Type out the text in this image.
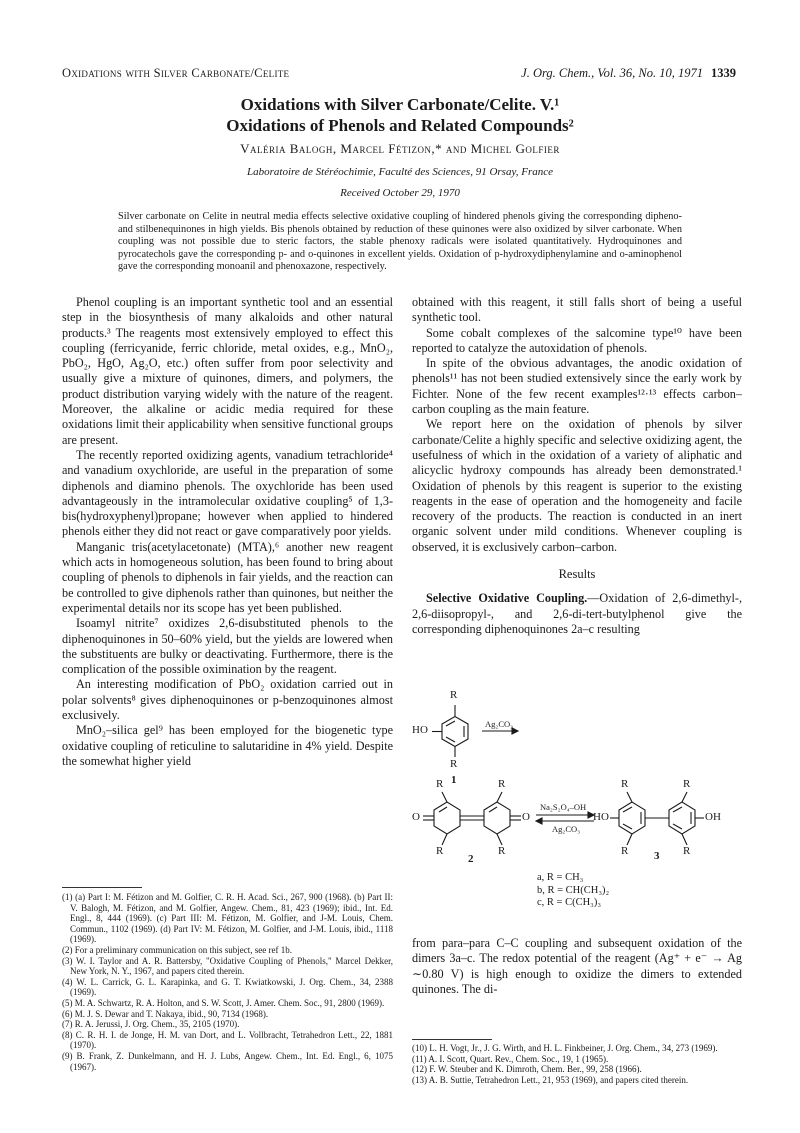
Oxidations with Silver Carbonate/Celite	J. Org. Chem., Vol. 36, No. 10, 1971 1339
Oxidations with Silver Carbonate/Celite. V.¹
Oxidations of Phenols and Related Compounds²
Valéria Balogh, Marcel Fétizon,* and Michel Golfier
Laboratoire de Stéréochimie, Faculté des Sciences, 91 Orsay, France
Received October 29, 1970
Silver carbonate on Celite in neutral media effects selective oxidative coupling of hindered phenols giving the corresponding dipheno- and stilbenequinones in high yields. Bis phenols obtained by reduction of these quinones were also oxidized by silver carbonate. When coupling was not possible due to steric factors, the stable phenoxy radicals were isolated quantitatively. Hydroquinones and pyrocatechols gave the corresponding p- and o-quinones in excellent yields. Oxidation of p-hydroxydiphenylamine and o-aminophenol gave the corresponding monoanil and phenoxazone, respectively.

Phenol coupling is an important synthetic tool and an essential step in the biosynthesis of many alkaloids and other natural products.³ The reagents most extensively employed to effect this coupling (ferricyanide, ferric chloride, metal oxides, e.g., MnO₂, PbO₂, HgO, Ag₂O, etc.) often suffer from poor selectivity and usually give a mixture of quinones, dimers, and polymers, the product distribution varying widely with the nature of the reagent. Moreover, the alkaline or acidic media required for these oxidations limit their applicability when sensitive functional groups are present.

The recently reported oxidizing agents, vanadium tetrachloride⁴ and vanadium oxychloride, are useful in the preparation of some diphenols and diamino phenols. The oxychloride has been used advantageously in the intramolecular oxidative coupling⁵ of 1,3-bis(hydroxyphenyl)propane; however when applied to hindered phenols either they did not react or gave comparatively poor yields.

Manganic tris(acetylacetonate) (MTA),⁶ another new reagent which acts in homogeneous solution, has been found to bring about coupling of phenols to diphenols in fair yields, and the reaction can be controlled to give diphenols rather than quinones, but neither the experimental details nor its scope has yet been published.

Isoamyl nitrite⁷ oxidizes 2,6-disubstituted phenols to the diphenoquinones in 50–60% yield, but the yields are lowered when the substituents are bulky or deactivating. Furthermore, there is the complication of the possible oximination by the reagent.

An interesting modification of PbO₂ oxidation carried out in polar solvents⁸ gives diphenoquinones or p-benzoquinones almost exclusively.

MnO₂–silica gel⁹ has been employed for the biogenetic type oxidative coupling of reticuline to salutaridine in 4% yield. Despite the somewhat higher yield

(1) (a) Part I: M. Fétizon and M. Golfier, C. R. H. Acad. Sci., 267, 900 (1968). (b) Part II: V. Balogh, M. Fétizon, and M. Golfier, Angew. Chem., 81, 423 (1969); ibid., Int. Ed. Engl., 8, 444 (1969). (c) Part III: M. Fétizon, M. Golfier, and J-M. Louis, Chem. Commun., 1102 (1969). (d) Part IV: M. Fétizon, M. Golfier, and J-M. Louis, ibid., 1118 (1969).

(2) For a preliminary communication on this subject, see ref 1b.

(3) W. I. Taylor and A. R. Battersby, "Oxidative Coupling of Phenols," Marcel Dekker, New York, N. Y., 1967, and papers cited therein.

(4) W. L. Carrick, G. L. Karapinka, and G. T. Kwiatkowski, J. Org. Chem., 34, 2388 (1969).

(5) M. A. Schwartz, R. A. Holton, and S. W. Scott, J. Amer. Chem. Soc., 91, 2800 (1969).

(6) M. J. S. Dewar and T. Nakaya, ibid., 90, 7134 (1968).

(7) R. A. Jerussi, J. Org. Chem., 35, 2105 (1970).

(8) C. R. H. I. de Jonge, H. M. van Dort, and L. Vollbracht, Tetrahedron Lett., 22, 1881 (1970).

(9) B. Frank, Z. Dunkelmann, and H. J. Lubs, Angew. Chem., Int. Ed. Engl., 6, 1075 (1967).

obtained with this reagent, it still falls short of being a useful synthetic tool.

Some cobalt complexes of the salcomine type¹⁰ have been reported to catalyze the autoxidation of phenols.

In spite of the obvious advantages, the anodic oxidation of phenols¹¹ has not been studied extensively since the early work by Fichter. None of the few recent examples¹²·¹³ effects carbon–carbon coupling as the main feature.

We report here on the oxidation of phenols by silver carbonate/Celite a highly specific and selective oxidizing agent, the usefulness of which in the oxidation of a variety of aliphatic and alicyclic hydroxy compounds has already been demonstrated.¹ Oxidation of phenols by this reagent is superior to the existing reagents in the ease of operation and the homogeneity and facile recovery of the products. The reaction is conducted in an inert organic solvent under mild conditions. Whenever coupling is observed, it is exclusively carbon–carbon.

Results

Selective Oxidative Coupling.—Oxidation of 2,6-dimethyl-, 2,6-diisopropyl-, and 2,6-di-tert-butylphenol give the corresponding diphenoquinones 2a–c resulting

R
HO
R
1
Ag₂CO₃
R	R
O	O
R	R
2
Na₂S₂O₄–OH
Ag₂CO₃
R	R
HO	OH
R	R
3
a, R = CH₃
b, R = CH(CH₃)₂
c, R = C(CH₃)₃

from para–para C–C coupling and subsequent oxidation of the dimers 3a–c. The redox potential of the reagent (Ag⁺ + e⁻ → Ag ∼0.80 V) is high enough to oxidize the dimers to extended quinones. The di-

(10) L. H. Vogt, Jr., J. G. Wirth, and H. L. Finkbeiner, J. Org. Chem., 34, 273 (1969).

(11) A. I. Scott, Quart. Rev., Chem. Soc., 19, 1 (1965).

(12) F. W. Steuber and K. Dimroth, Chem. Ber., 99, 258 (1966).

(13) A. B. Suttie, Tetrahedron Lett., 21, 953 (1969), and papers cited therein.
